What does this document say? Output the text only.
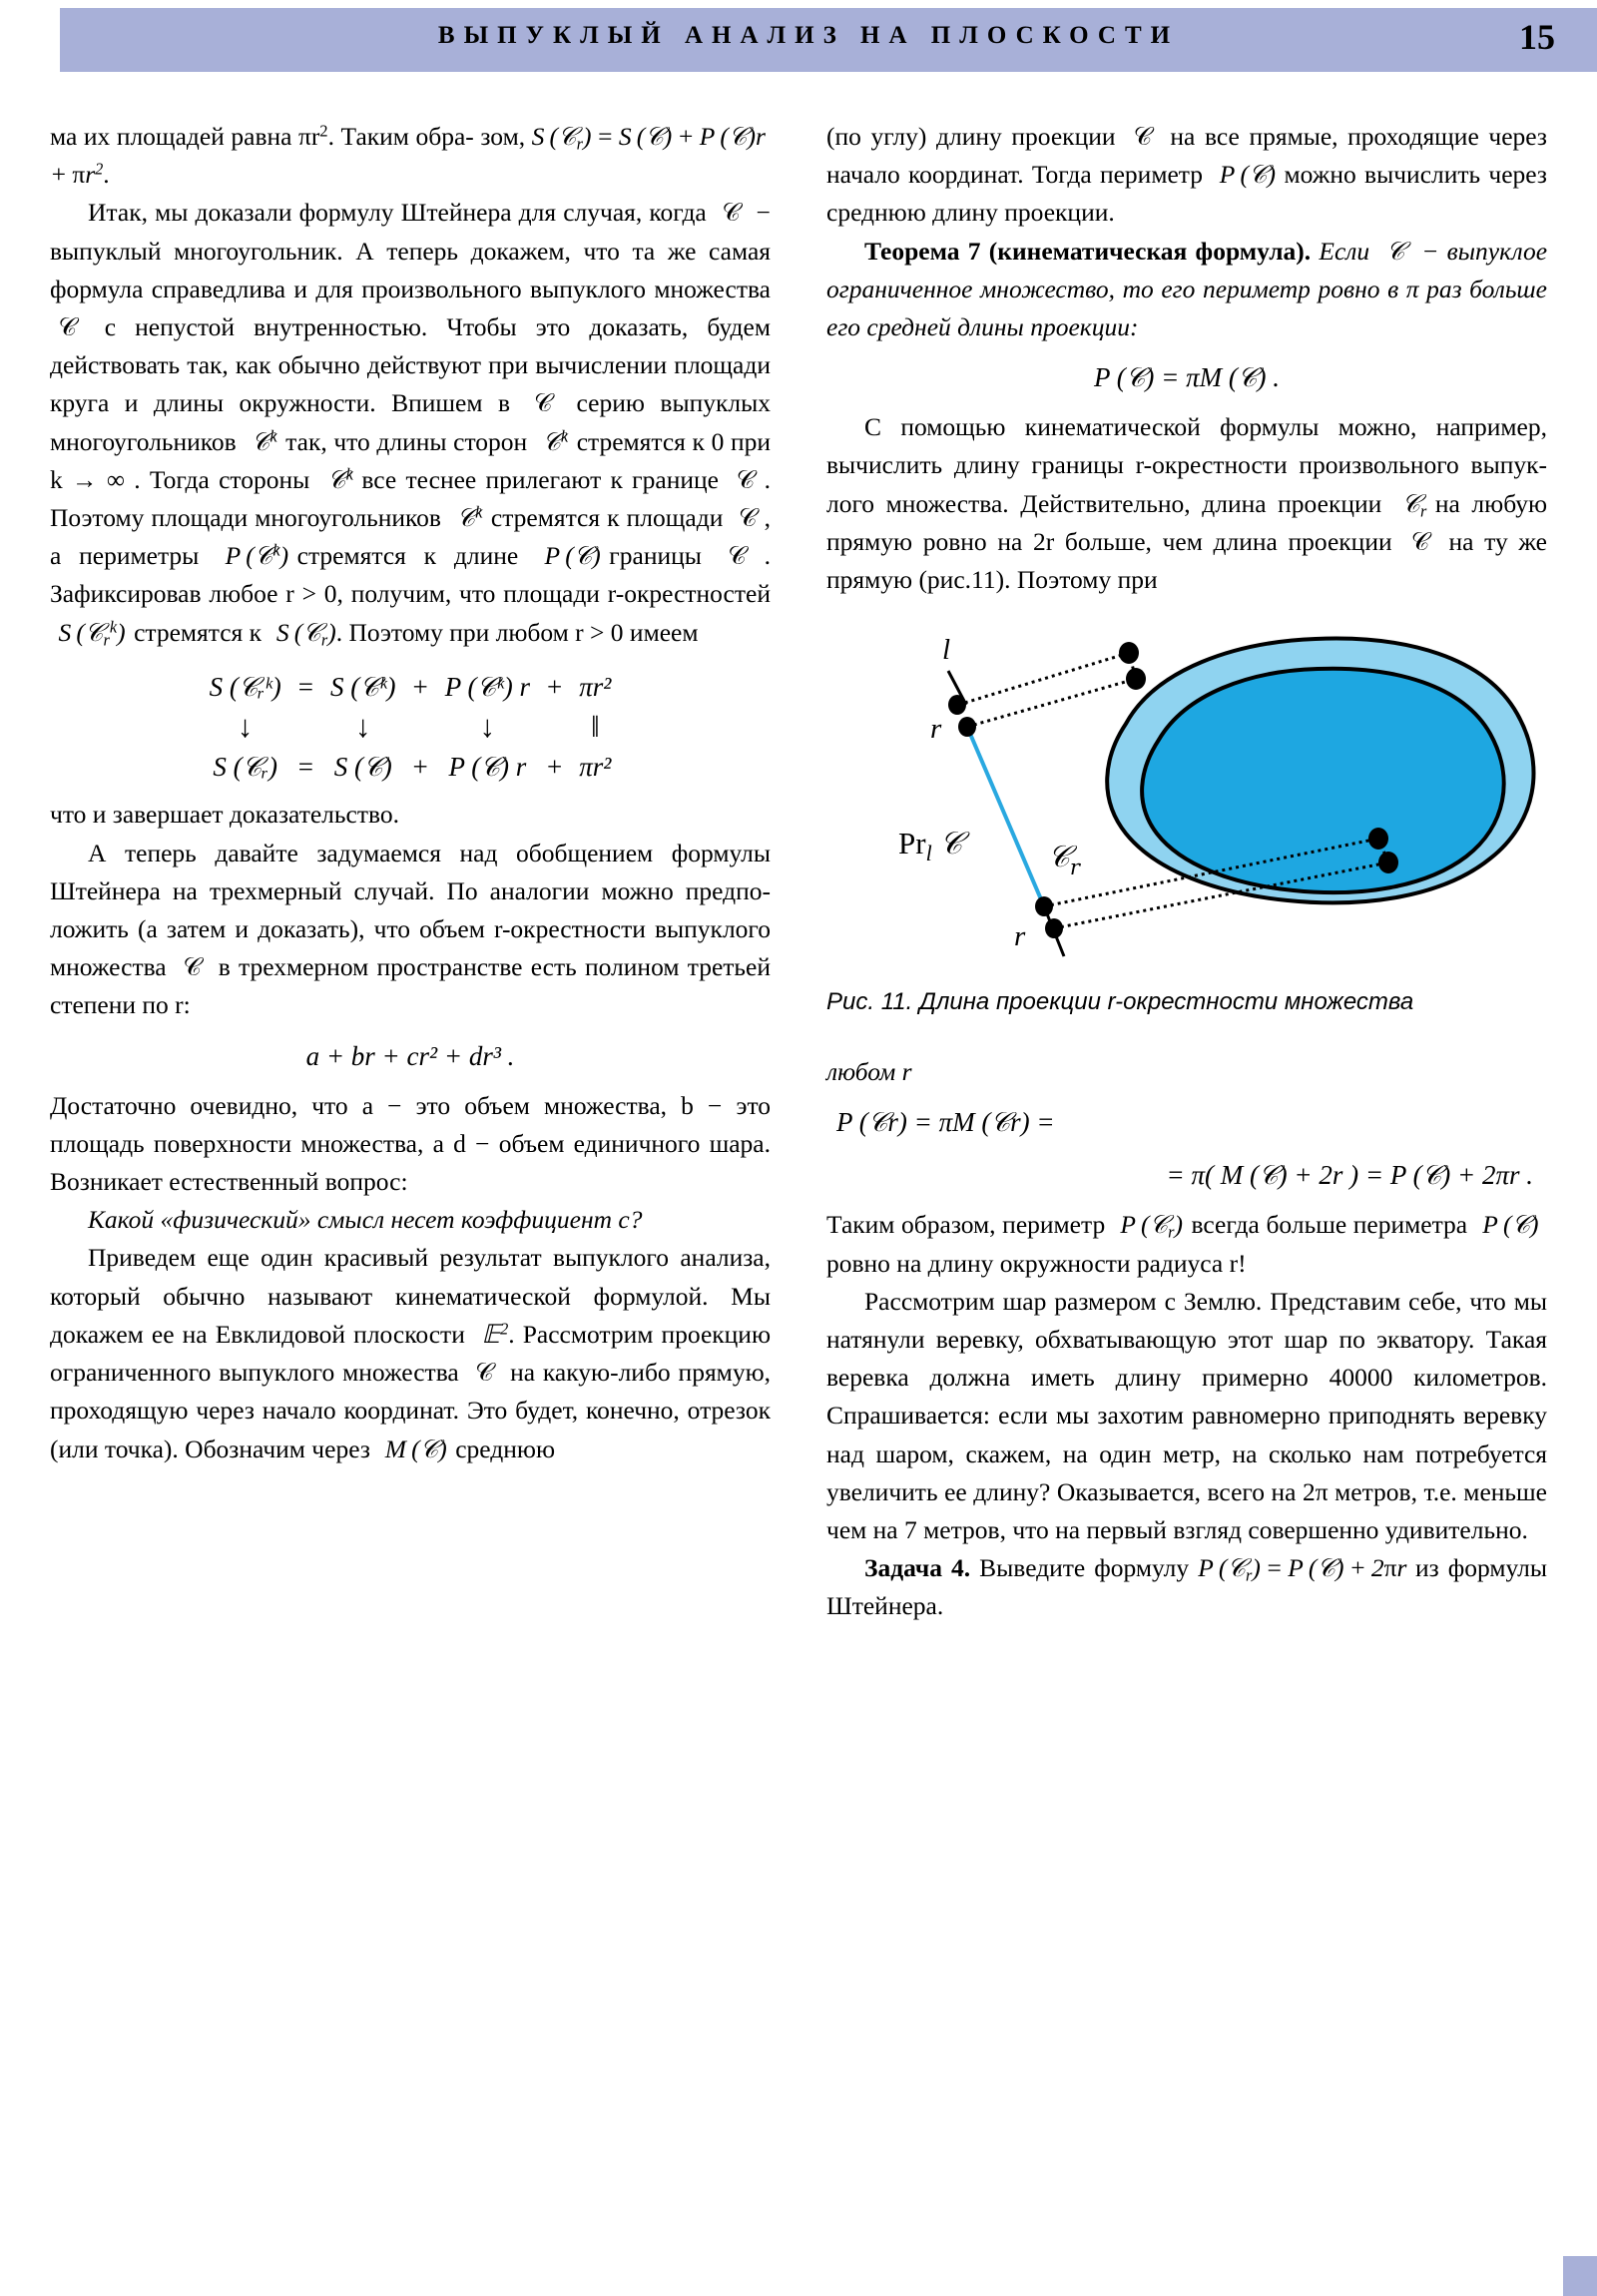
ВЫПУКЛЫЙ АНАЛИЗ НА ПЛОСКОСТИ	15

ма их площадей равна $\pi r^2$. Таким обра- зом, S (𝒞$_r$) = S (𝒞) + P (𝒞)r + $\pi r^2$.

Итак, мы доказали формулу Штейнера для случая, когда  𝒞  − выпуклый многоугольник. А теперь докажем, что та же самая формула справедлива и для произвольного выпуклого множества  𝒞  с непустой внутренностью. Чтобы это доказать, будем действовать так, как обычно действуют при вычислении площади круга и длины окружности. Впишем в  𝒞  серию выпуклых многоугольников  𝒞$^k$  так, что длины сторон  𝒞$^k$  стремятся к 0 при k → ∞ . Тогда стороны  𝒞$^k$  все теснее прилегают к границе  𝒞 . Поэтому площади многоугольников  𝒞$^k$  стремятся к площади  𝒞 , а периметры  P (𝒞$^k$) стремятся к длине  P (𝒞) границы  𝒞 . Зафиксировав любое r > 0, получим, что площади r-окрестностей  S (𝒞$_r^k$) стремятся к  S (𝒞$_r$). Поэтому при любом r > 0 имеем

S (𝒞ᵣᵏ)	=	S (𝒞ᵏ)	+	P (𝒞ᵏ) r	+	πr²
↓		↓		↓		‖
S (𝒞ᵣ)	=	S (𝒞)	+	P (𝒞) r	+	πr²

что и завершает доказательство.

А теперь давайте задумаемся над обобщением формулы Штейнера на трехмерный случай. По аналогии можно предположить (а затем и доказать), что объем r-окрестности выпуклого множества  𝒞  в трехмерном пространстве есть полином третьей степени по r:

a + br + cr² + dr³ .

Достаточно очевидно, что a − это объем множества, b − это площадь поверхности множества, а d − объем единичного шара. Возникает естественный вопрос:

Какой «физический» смысл несет коэффициент c?

Приведем еще один красивый результат выпуклого анализа, который обычно называют кинематической формулой. Мы докажем ее на Евклидовой плоскости  𝔼$^2$. Рассмотрим проекцию ограниченного выпуклого множества  𝒞  на какую-либо прямую, проходящую через начало координат. Это будет, конечно, отрезок (или точка). Обозначим через  M (𝒞) среднюю

(по углу) длину проекции  𝒞  на все прямые, проходящие через начало координат. Тогда периметр  P (𝒞) можно вычислить через среднюю длину проекции.

Теорема 7 (кинематическая формула). Если  𝒞  − выпуклое ограниченное множество, то его периметр ровно в π раз больше его средней длины проекции:

P (𝒞) = πM (𝒞) .

С помощью кинематической формулы можно, например, вычислить длину границы r-окрестности произвольного выпуклого множества. Действительно, длина проекции  𝒞$_r$  на любую прямую ровно на 2r больше, чем длина проекции  𝒞  на ту же прямую (рис.11). Поэтому при

l
r
r
$Pr_l$ 𝒞	𝒞$_r$
𝒞

Рис. 11. Длина проекции r-окрестности множества

любом r

P (𝒞r) = πM (𝒞r) =
= π( M (𝒞) + 2r ) = P (𝒞) + 2πr .

Таким образом, периметр  P (𝒞$_r$) всегда больше периметра  P (𝒞) ровно на длину окружности радиуса r!

Рассмотрим шар размером с Землю. Представим себе, что мы натянули веревку, обхватывающую этот шар по экватору. Такая веревка должна иметь длину примерно 40000 километров. Спрашивается: если мы захотим равномерно приподнять веревку над шаром, скажем, на один метр, на сколько нам потребуется увеличить ее длину? Оказывается, всего на 2π метров, т.е. меньше чем на 7 метров, что на первый взгляд совершенно удивительно.

Задача 4. Выведите формулу P (𝒞$_r$) = P (𝒞) + 2πr из формулы Штейнера.
